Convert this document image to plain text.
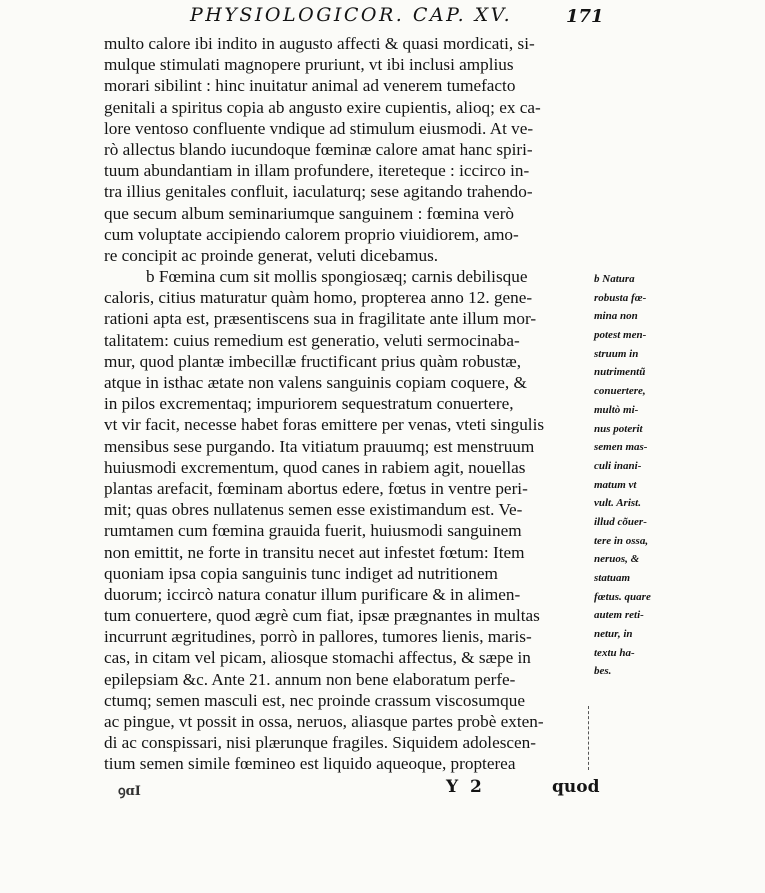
PHYSIOLOGICOR. CAP. XV.	171
multo calore ibi indito in augusto affecti & quasi mordicati, si-
mulque stimulati magnopere pruriunt, vt ibi inclusi amplius
morari sibilint : hinc inuitatur animal ad venerem tumefacto
genitali a spiritus copia ab angusto exire cupientis, alioq; ex ca-
lore ventoso confluente vndique ad stimulum eiusmodi. At ve-
rò allectus blando iucundoque fœminæ calore amat hanc spiri-
tuum abundantiam in illam profundere, itereteque : iccirco in-
tra illius genitales confluit, iaculaturq; sese agitando trahendo-
que secum album seminariumque sanguinem : fœmina verò
cum voluptate accipiendo calorem proprio viuidiorem, amo-
re concipit ac proinde generat, veluti dicebamus.
b Fœmina cum sit mollis spongiosæq; carnis debilisque
caloris, citius maturatur quàm homo, propterea anno 12. gene-
rationi apta est, præsentiscens sua in fragilitate ante illum mor-
talitatem: cuius remedium est generatio, veluti sermocinaba-
mur, quod plantæ imbecillæ fructificant prius quàm robustæ,
atque in isthac ætate non valens sanguinis copiam coquere, &
in pilos excrementaq; impuriorem sequestratum conuertere,
vt vir facit, necesse habet foras emittere per venas, vteti singulis
mensibus sese purgando. Ita vitiatum prauumq; est menstruum
huiusmodi excrementum, quod canes in rabiem agit, nouellas
plantas arefacit, fœminam abortus edere, fœtus in ventre peri-
mit; quas obres nullatenus semen esse existimandum est. Ve-
rumtamen cum fœmina grauida fuerit, huiusmodi sanguinem
non emittit, ne forte in transitu necet aut infestet fœtum: Item
quoniam ipsa copia sanguinis tunc indiget ad nutritionem
duorum; iccircò natura conatur illum purificare & in alimen-
tum conuertere, quod ægrè cum fiat, ipsæ prægnantes in multas
incurrunt ægritudines, porrò in pallores, tumores lienis, maris-
cas, in citam vel picam, aliosque stomachi affectus, & sæpe in
epilepsiam &c. Ante 21. annum non bene elaboratum perfe-
ctumq; semen masculi est, nec proinde crassum viscosumque
ac pingue, vt possit in ossa, neruos, aliasque partes probè exten-
di ac conspissari, nisi plærunque fragiles. Siquidem adolescen-
tium semen simile fœmineo est liquido aqueoque, propterea
b Natura
robusta fœ-
mina non
potest men-
struum in
nutrimentũ
conuertere,
multò mi-
nus poterit
semen mas-
culi inani-
matum vt
vult. Arist.
illud cõuer-
tere in ossa,
neruos, &
statuam
fœtus. quare
autem reti-
netur, in
textu ha-
bes.
ꝯɑI	Y 2	quod
